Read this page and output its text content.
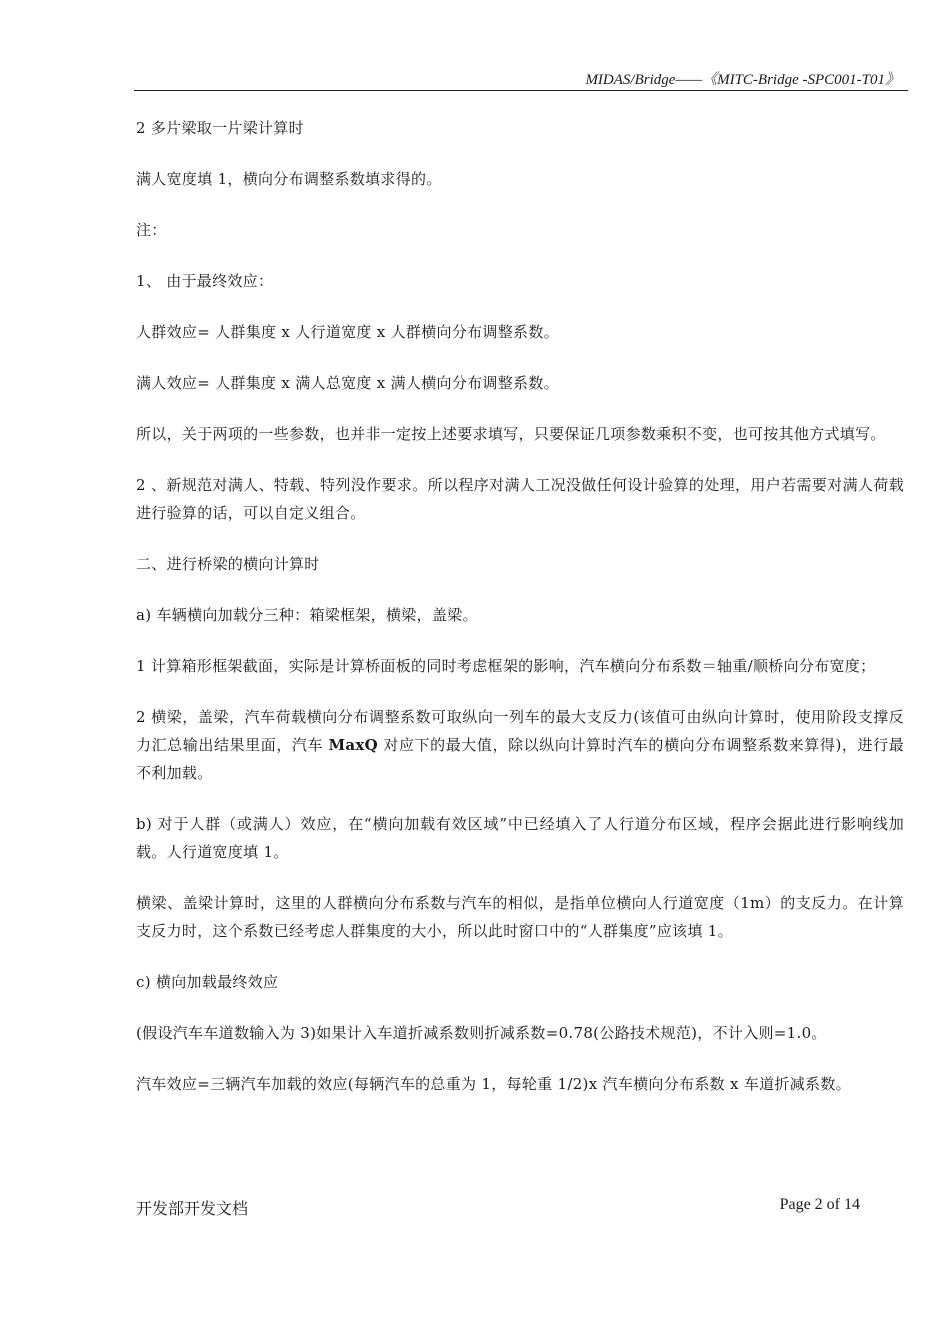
MIDAS/Bridge——《MITC-Bridge -SPC001-T01》

2 多片梁取一片梁计算时

满人宽度填 1，横向分布调整系数填求得的。

注：

1、 由于最终效应：

人群效应= 人群集度 x 人行道宽度 x 人群横向分布调整系数。

满人效应= 人群集度 x 满人总宽度 x 满人横向分布调整系数。

所以，关于两项的一些参数，也并非一定按上述要求填写，只要保证几项参数乘积不变，也可按其他方式填写。

2 、新规范对满人、特载、特列没作要求。所以程序对满人工况没做任何设计验算的处理，用户若需要对满人荷载进行验算的话，可以自定义组合。

二、进行桥梁的横向计算时

a) 车辆横向加载分三种：箱梁框架，横梁，盖梁。

1 计算箱形框架截面，实际是计算桥面板的同时考虑框架的影响，汽车横向分布系数＝轴重/顺桥向分布宽度；

2 横梁，盖梁，汽车荷载横向分布调整系数可取纵向一列车的最大支反力(该值可由纵向计算时，使用阶段支撑反力汇总输出结果里面，汽车 MaxQ 对应下的最大值，除以纵向计算时汽车的横向分布调整系数来算得)，进行最不利加载。

b) 对于人群（或满人）效应，在“横向加载有效区域”中已经填入了人行道分布区域，程序会据此进行影响线加载。人行道宽度填 1。

横梁、盖梁计算时，这里的人群横向分布系数与汽车的相似，是指单位横向人行道宽度（1m）的支反力。在计算支反力时，这个系数已经考虑人群集度的大小，所以此时窗口中的“人群集度”应该填 1。

c) 横向加载最终效应

(假设汽车车道数输入为 3)如果计入车道折减系数则折减系数=0.78(公路技术规范)，不计入则=1.0。

汽车效应=三辆汽车加载的效应(每辆汽车的总重为 1，每轮重 1/2)x 汽车横向分布系数 x 车道折减系数。

开发部开发文档	Page 2 of 14
